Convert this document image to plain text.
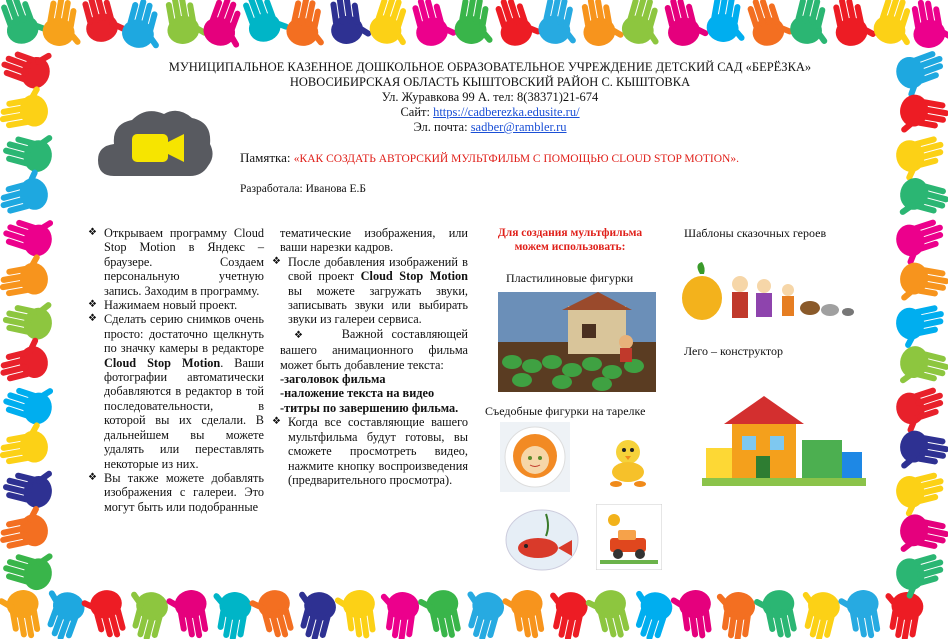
МУНИЦИПАЛЬНОЕ КАЗЕННОЕ ДОШКОЛЬНОЕ ОБРАЗОВАТЕЛЬНОЕ УЧРЕЖДЕНИЕ ДЕТСКИЙ САД «БЕРЁЗКА»
НОВОСИБИРСКАЯ ОБЛАСТЬ КЫШТОВСКИЙ РАЙОН С. КЫШТОВКА
Ул. Журавкова 99 А. тел: 8(38371)21-674
Сайт: https://cadberezka.edusite.ru/
Эл. почта: sadber@rambler.ru
Памятка: «КАК СОЗДАТЬ АВТОРСКИЙ МУЛЬТФИЛЬМ С ПОМОЩЬЮ CLOUD STOP MOTION».
Разработала: Иванова Е.Б

❖ Открываем программу Cloud Stop Motion в Яндекс – браузере. Создаем персональную учетную запись. Заходим в программу.

❖ Нажимаем новый проект.

❖ Сделать серию снимков очень просто: достаточно щелкнуть по значку камеры в редакторе Cloud Stop Motion. Ваши фотографии автоматически добавляются в редактор в той последовательности, в которой вы их сделали. В дальнейшем вы можете удалять или переставлять некоторые из них.

❖ Вы также можете добавлять изображения с галереи. Это могут быть или подобранные

тематические изображения, или ваши нарезки кадров.

❖ После добавления изображений в свой проект Cloud Stop Motion вы можете загружать звуки, записывать звуки или выбирать звуки из галереи сервиса.

❖	Важной составляющей вашего анимационного фильма может быть добавление текста:

-заголовок фильма

-наложение текста на видео

-титры по завершению фильма.

❖ Когда все составляющие вашего мультфильма будут готовы, вы сможете просмотреть видео, нажмите кнопку воспроизведения (предварительного просмотра).

Для создания мультфильма можем использовать:
Пластилиновые фигурки
Съедобные фигурки на тарелке
Шаблоны сказочных героев
Лего – конструктор
